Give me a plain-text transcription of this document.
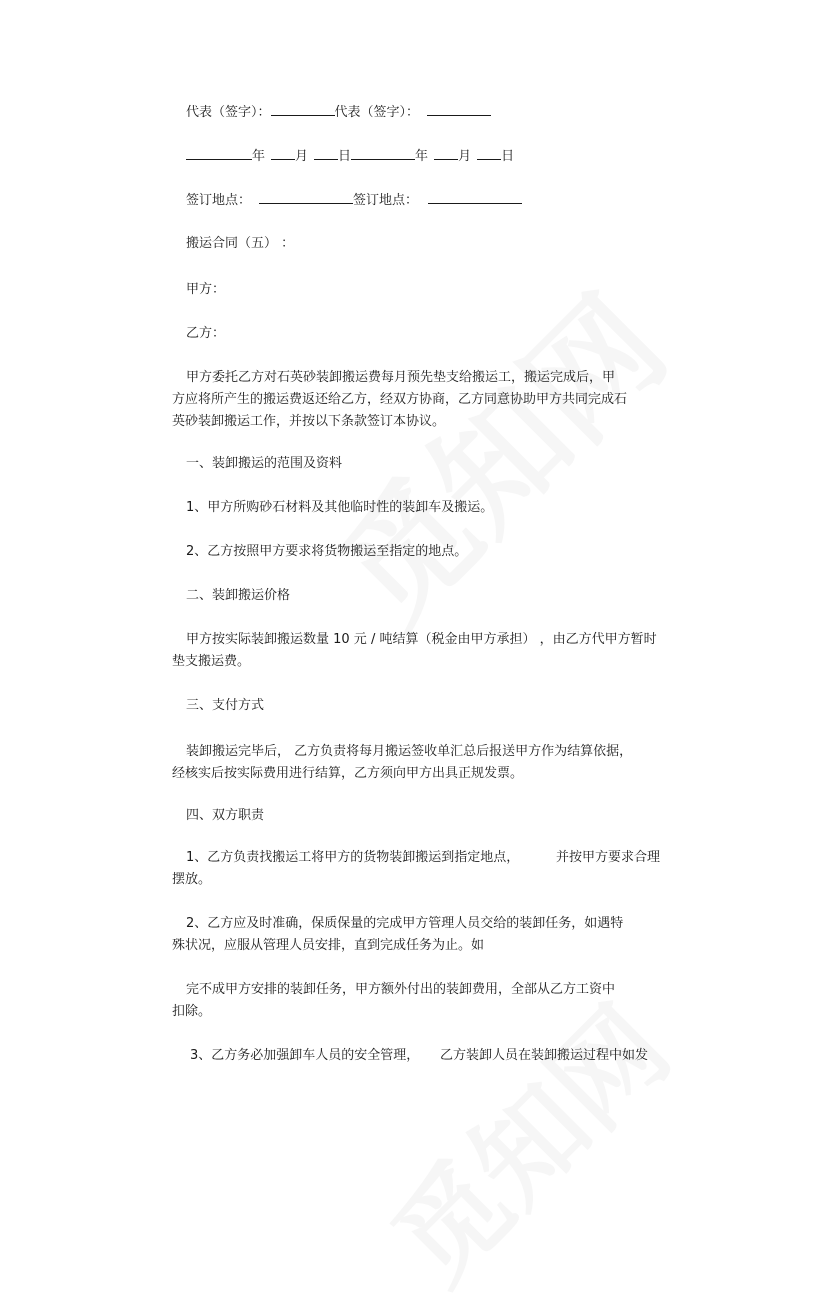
代表（签字）：	代表（签字）：
年 月 日	年 月 日
签订地点：	签订地点：
搬运合同（五） ：
甲方：
乙方：
甲方委托乙方对石英砂装卸搬运费每月预先垫支给搬运工，搬运完成后，甲
方应将所产生的搬运费返还给乙方，经双方协商，乙方同意协助甲方共同完成石
英砂装卸搬运工作，并按以下条款签订本协议。
一、装卸搬运的范围及资料
1、甲方所购砂石材料及其他临时性的装卸车及搬运。
2、乙方按照甲方要求将货物搬运至指定的地点。
二、装卸搬运价格
甲方按实际装卸搬运数量 10 元 / 吨结算（税金由甲方承担） ，由乙方代甲方暂时
垫支搬运费。
三、支付方式
装卸搬运完毕后， 乙方负责将每月搬运签收单汇总后报送甲方作为结算依据，
经核实后按实际费用进行结算，乙方须向甲方出具正规发票。
四、双方职责
1、乙方负责找搬运工将甲方的货物装卸搬运到指定地点，	并按甲方要求合理
摆放。
2、乙方应及时准确，保质保量的完成甲方管理人员交给的装卸任务，如遇特
殊状况，应服从管理人员安排，直到完成任务为止。如
完不成甲方安排的装卸任务，甲方额外付出的装卸费用，全部从乙方工资中
扣除。
3、乙方务必加强卸车人员的安全管理， 乙方装卸人员在装卸搬运过程中如发
